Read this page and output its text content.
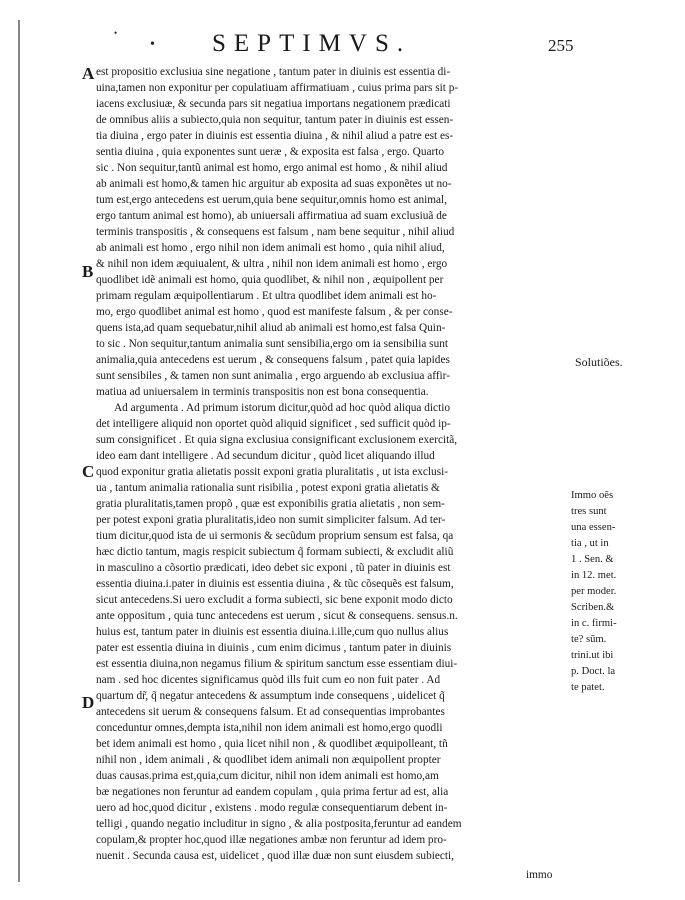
•
• SEPTIMVS.	255
A
B
C
D
Solutiões.
Immo oẽs
tres sunt
una essen-
tia , ut in
1 . Sen. &
in 12. met.
per moder.
Scriben.&
in c. firmi-
te? sũm.
trini.ut ibi
p. Doct. la
te patet.
est propositio exclusiua sine negatione , tantum pater in diuinis est essentia di-
uina,tamen non exponitur per copulatiuam affirmatiuam , cuius prima pars sit p-
iacens exclusiuæ, & secunda pars sit negatiua importans negationem prædicati
de omnibus aliis a subiecto,quia non sequitur, tantum pater in diuinis est essen-
tia diuina , ergo pater in diuinis est essentia diuina , & nihil aliud a patre est es-
sentia diuina , quia exponentes sunt ueræ , & exposita est falsa , ergo. Quarto
sic . Non sequitur,tantũ animal est homo, ergo animal est homo , & nihil aliud
ab animali est homo,& tamen hic arguitur ab exposita ad suas exponẽtes ut no-
tum est,ergo antecedens est uerum,quia bene sequitur,omnis homo est animal,
ergo tantum animal est homo), ab uniuersali affirmatiua ad suam exclusiuã de
terminis transpositis , & consequens est falsum , nam bene sequitur , nihil aliud
ab animali est homo , ergo nihil non idem animali est homo , quia nihil aliud,
& nihil non idem æquiualent, & ultra , nihil non idem animali est homo , ergo
quodlibet idẽ animali est homo, quia quodlibet, & nihil non , æquipollent per
primam regulam æquipollentiarum . Et ultra quodlibet idem animali est ho-
mo, ergo quodlibet animal est homo , quod est manifeste falsum , & per conse-
quens ista,ad quam sequebatur,nihil aliud ab animali est homo,est falsa Quin-
to sic . Non sequitur,tantum animalia sunt sensibilia,ergo om ia sensibilia sunt
animalia,quia antecedens est uerum , & consequens falsum , patet quia lapides
sunt sensibiles , & tamen non sunt animalia , ergo arguendo ab exclusiua affir-
matiua ad uniuersalem in terminis transpositis non est bona consequentia.
Ad argumenta . Ad primum istorum dicitur,quòd ad hoc quòd aliqua dictio
det intelligere aliquid non oportet quòd aliquid significet , sed sufficit quòd ip-
sum consignificet . Et quia signa exclusiua consignificant exclusionem exercitã,
ideo eam dant intelligere . Ad secundum dicitur , quòd licet aliquando illud
quod exponitur gratia alietatis possit exponi gratia pluralitatis , ut ista exclusi-
ua , tantum animalia rationalia sunt risibilia , potest exponi gratia alietatis &
gratia pluralitatis,tamen propõ , quæ est exponibilis gratia alietatis , non sem-
per potest exponi gratia pluralitatis,ideo non sumit simpliciter falsum. Ad ter-
tium dicitur,quod ista de ui sermonis & secũdum proprium sensum est falsa, qa
hæc dictio tantum, magis respicit subiectum q̃ formam subiecti, & excludit aliũ
in masculino a cõsortio prædicati, ideo debet sic exponi , tũ pater in diuinis est
essentia diuina.i.pater in diuinis est essentia diuina , & tũc cõsequẽs est falsum,
sicut antecedens.Si uero excludit a forma subiecti, sic bene exponit modo dicto
ante oppositum , quia tunc antecedens est uerum , sicut & consequens. sensus.n.
huius est, tantum pater in diuinis est essentia diuina.i.ille,cum quo nullus alius
pater est essentia diuina in diuinis , cum enim dicimus , tantum pater in diuinis
est essentia diuina,non negamus filium & spiritum sanctum esse essentiam diui-
nam . sed hoc dicentes significamus quòd ills fuit cum eo non fuit pater . Ad
quartum dr̃, q̃ negatur antecedens & assumptum inde consequens , uidelicet q̃
antecedens sit uerum & consequens falsum. Et ad consequentias improbantes
conceduntur omnes,dempta ista,nihil non idem animali est homo,ergo quodli
bet idem animali est homo , quia licet nihil non , & quodlibet æquipolleant, tñ
nihil non , idem animali , & quodlibet idem animali non æquipollent propter
duas causas.prima est,quia,cum dicitur, nihil non idem animali est homo,am
bæ negationes non feruntur ad eandem copulam , quia prima fertur ad est, alia
uero ad hoc,quod dicitur , existens . modo regulæ consequentiarum debent in-
telligi , quando negatio includitur in signo , & alia postposita,feruntur ad eandem
copulam,& propter hoc,quod illæ negationes ambæ non feruntur ad idem pro-
nuenit . Secunda causa est, uidelicet , quod illæ duæ non sunt eiusdem subiecti,
immo
